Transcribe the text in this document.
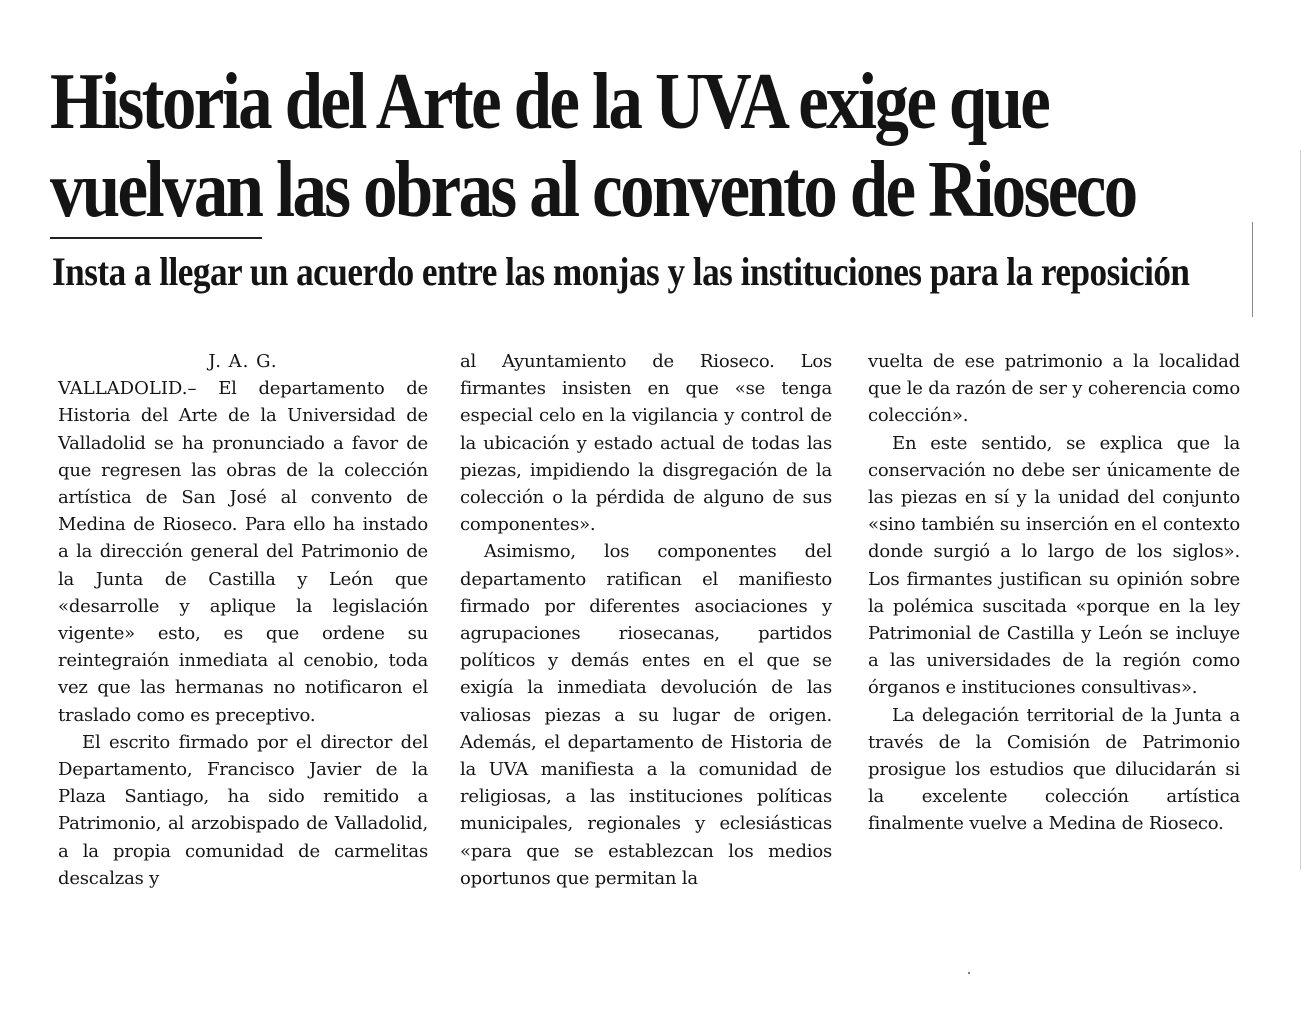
Historia del Arte de la UVA exige que
vuelvan las obras al convento de Rioseco
Insta a llegar un acuerdo entre las monjas y las instituciones para la reposición

J. A. G.

VALLADOLID.– El departamento de Historia del Arte de la Universidad de Valladolid se ha pronunciado a favor de que regresen las obras de la colección artística de San José al convento de Medina de Rioseco. Para ello ha instado a la dirección general del Patrimonio de la Junta de Castilla y León que «desarrolle y aplique la legislación vigente» esto, es que ordene su reintegraión inmediata al cenobio, toda vez que las hermanas no notificaron el traslado como es preceptivo.

El escrito firmado por el director del Departamento, Francisco Javier de la Plaza Santiago, ha sido remitido a Patrimonio, al arzobispado de Valladolid, a la propia comunidad de carmelitas descalzas y

al Ayuntamiento de Rioseco. Los firmantes insisten en que «se tenga especial celo en la vigilancia y control de la ubicación y estado actual de todas las piezas, impidiendo la disgregación de la colección o la pérdida de alguno de sus componentes».

Asimismo, los componentes del departamento ratifican el manifiesto firmado por diferentes asociaciones y agrupaciones riosecanas, partidos políticos y demás entes en el que se exigía la inmediata devolución de las valiosas piezas a su lugar de origen. Además, el departamento de Historia de la UVA manifiesta a la comunidad de religiosas, a las instituciones políticas municipales, regionales y eclesiásticas «para que se establezcan los medios oportunos que permitan la

vuelta de ese patrimonio a la localidad que le da razón de ser y coherencia como colección».

En este sentido, se explica que la conservación no debe ser únicamente de las piezas en sí y la unidad del conjunto «sino también su inserción en el contexto donde surgió a lo largo de los siglos». Los firmantes justifican su opinión sobre la polémica suscitada «porque en la ley Patrimonial de Castilla y León se incluye a las universidades de la región como órganos e instituciones consultivas».

La delegación territorial de la Junta a través de la Comisión de Patrimonio prosigue los estudios que dilucidarán si la excelente colección artística finalmente vuelve a Medina de Rioseco.
